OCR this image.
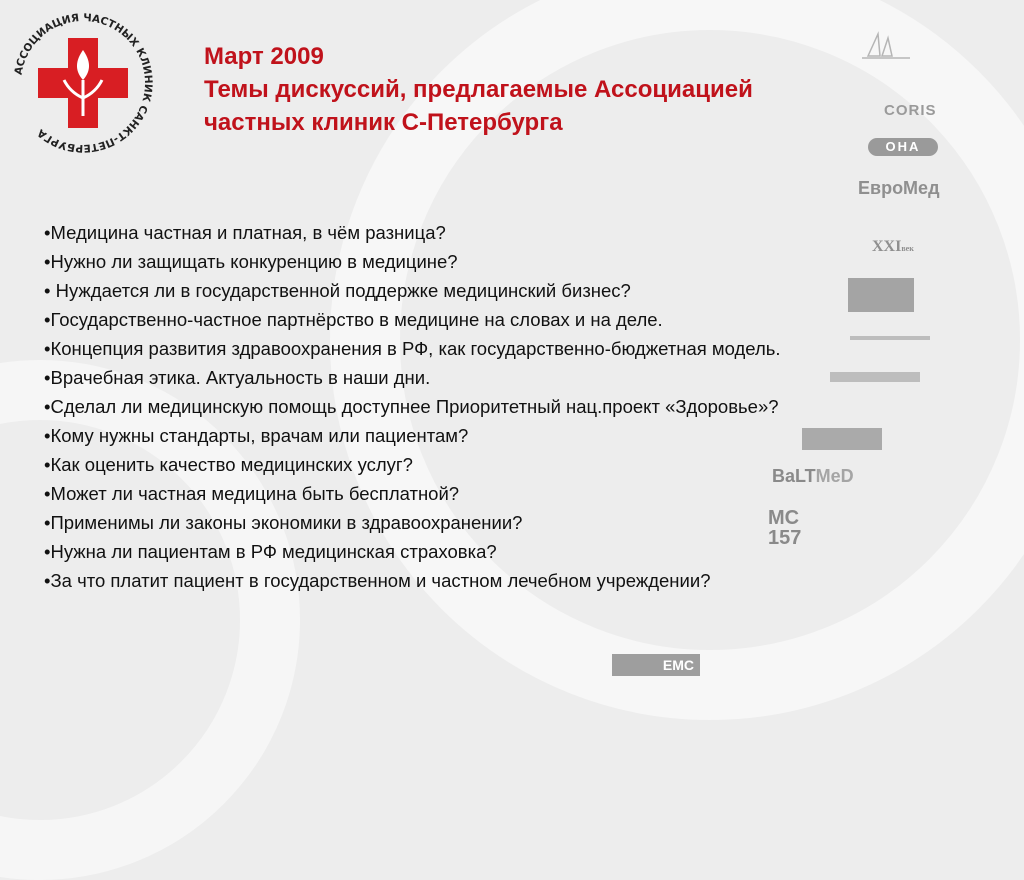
АССОЦИАЦИЯ ЧАСТНЫХ КЛИНИК САНКТ-ПЕТЕРБУРГА
Март 2009
Темы дискуссий, предлагаемые Ассоциацией
частных клиник С-Петербурга
•Медицина частная и платная, в чём разница?
•Нужно ли защищать конкуренцию в медицине?
• Нуждается ли в государственной поддержке медицинский бизнес?
•Государственно-частное партнёрство в медицине на словах и на деле.
•Концепция развития здравоохранения в РФ, как государственно-бюджетная модель.
•Врачебная этика. Актуальность в наши дни.
•Сделал ли медицинскую помощь доступнее Приоритетный нац.проект «Здоровье»?
•Кому нужны стандарты, врачам или пациентам?
•Как оценить качество медицинских услуг?
•Может ли частная медицина быть бесплатной?
•Применимы ли законы экономики в здравоохранении?
•Нужна ли пациентам в РФ медицинская страховка?
•За что платит пациент в государственном и частном лечебном учреждении?
CORIS
ОНА
ЕвроМед
XXIвек
BaLTMeD
МС
157
EMC
